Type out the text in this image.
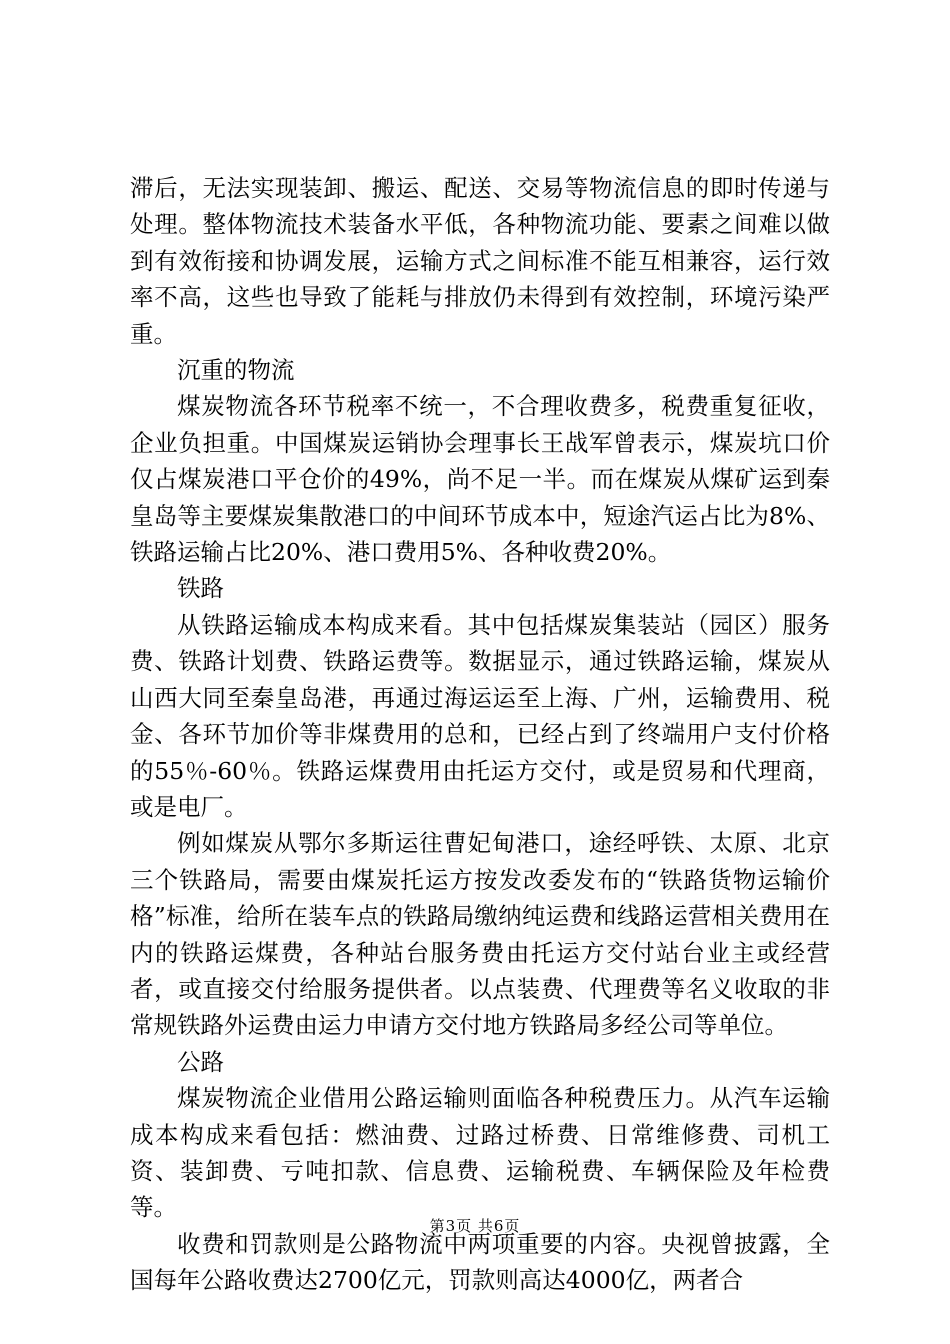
滞后，无法实现装卸、搬运、配送、交易等物流信息的即时传递与处理。整体物流技术装备水平低，各种物流功能、要素之间难以做到有效衔接和协调发展，运输方式之间标准不能互相兼容，运行效率不高，这些也导致了能耗与排放仍未得到有效控制，环境污染严重。

沉重的物流

煤炭物流各环节税率不统一，不合理收费多，税费重复征收，企业负担重。中国煤炭运销协会理事长王战军曾表示，煤炭坑口价仅占煤炭港口平仓价的49%，尚不足一半。而在煤炭从煤矿运到秦皇岛等主要煤炭集散港口的中间环节成本中，短途汽运占比为8%、铁路运输占比20%、港口费用5%、各种收费20%。

铁路

从铁路运输成本构成来看。其中包括煤炭集装站（园区）服务费、铁路计划费、铁路运费等。数据显示，通过铁路运输，煤炭从山西大同至秦皇岛港，再通过海运运至上海、广州，运输费用、税金、各环节加价等非煤费用的总和，已经占到了终端用户支付价格的55％-60％。铁路运煤费用由托运方交付，或是贸易和代理商，或是电厂。

例如煤炭从鄂尔多斯运往曹妃甸港口，途经呼铁、太原、北京三个铁路局，需要由煤炭托运方按发改委发布的“铁路货物运输价格”标准，给所在装车点的铁路局缴纳纯运费和线路运营相关费用在内的铁路运煤费，各种站台服务费由托运方交付站台业主或经营者，或直接交付给服务提供者。以点装费、代理费等名义收取的非常规铁路外运费由运力申请方交付地方铁路局多经公司等单位。

公路

煤炭物流企业借用公路运输则面临各种税费压力。从汽车运输成本构成来看包括：燃油费、过路过桥费、日常维修费、司机工资、装卸费、亏吨扣款、信息费、运输税费、车辆保险及年检费等。

收费和罚款则是公路物流中两项重要的内容。央视曾披露，全国每年公路收费达2700亿元，罚款则高达4000亿，两者合

第3页 共6页
